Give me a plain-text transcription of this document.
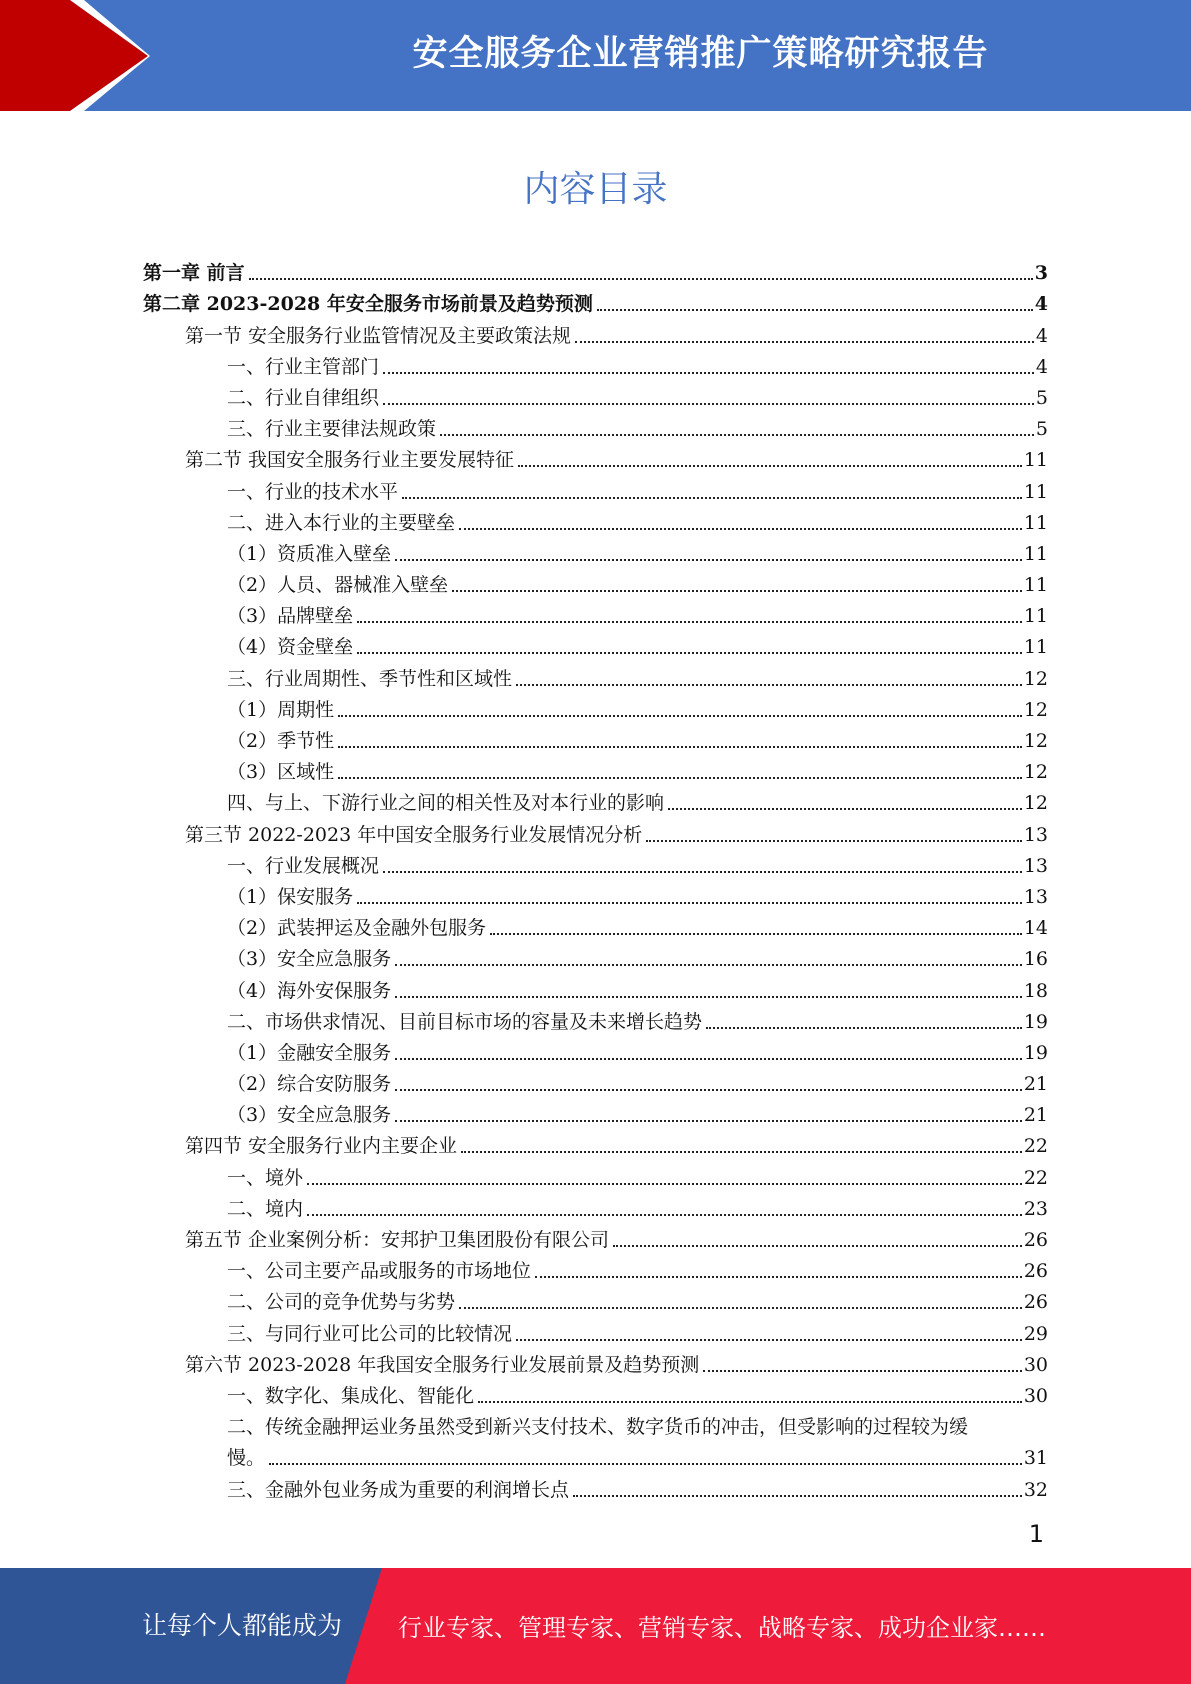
安全服务企业营销推广策略研究报告
内容目录
第一章 前言	3
第二章 2023-2028 年安全服务市场前景及趋势预测	4
第一节 安全服务行业监管情况及主要政策法规	4
一、行业主管部门	4
二、行业自律组织	5
三、行业主要律法规政策	5
第二节 我国安全服务行业主要发展特征	11
一、行业的技术水平	11
二、进入本行业的主要壁垒	11
（1）资质准入壁垒	11
（2）人员、器械准入壁垒	11
（3）品牌壁垒	11
（4）资金壁垒	11
三、行业周期性、季节性和区域性	12
（1）周期性	12
（2）季节性	12
（3）区域性	12
四、与上、下游行业之间的相关性及对本行业的影响	12
第三节 2022-2023 年中国安全服务行业发展情况分析	13
一、行业发展概况	13
（1）保安服务	13
（2）武装押运及金融外包服务	14
（3）安全应急服务	16
（4）海外安保服务	18
二、市场供求情况、目前目标市场的容量及未来增长趋势	19
（1）金融安全服务	19
（2）综合安防服务	21
（3）安全应急服务	21
第四节 安全服务行业内主要企业	22
一、境外	22
二、境内	23
第五节 企业案例分析：安邦护卫集团股份有限公司	26
一、公司主要产品或服务的市场地位	26
二、公司的竞争优势与劣势	26
三、与同行业可比公司的比较情况	29
第六节 2023-2028 年我国安全服务行业发展前景及趋势预测	30
一、数字化、集成化、智能化	30
二、传统金融押运业务虽然受到新兴支付技术、数字货币的冲击，但受影响的过程较为缓
慢。	31
三、金融外包业务成为重要的利润增长点	32
1
让每个人都能成为 行业专家、管理专家、营销专家、战略专家、成功企业家……
